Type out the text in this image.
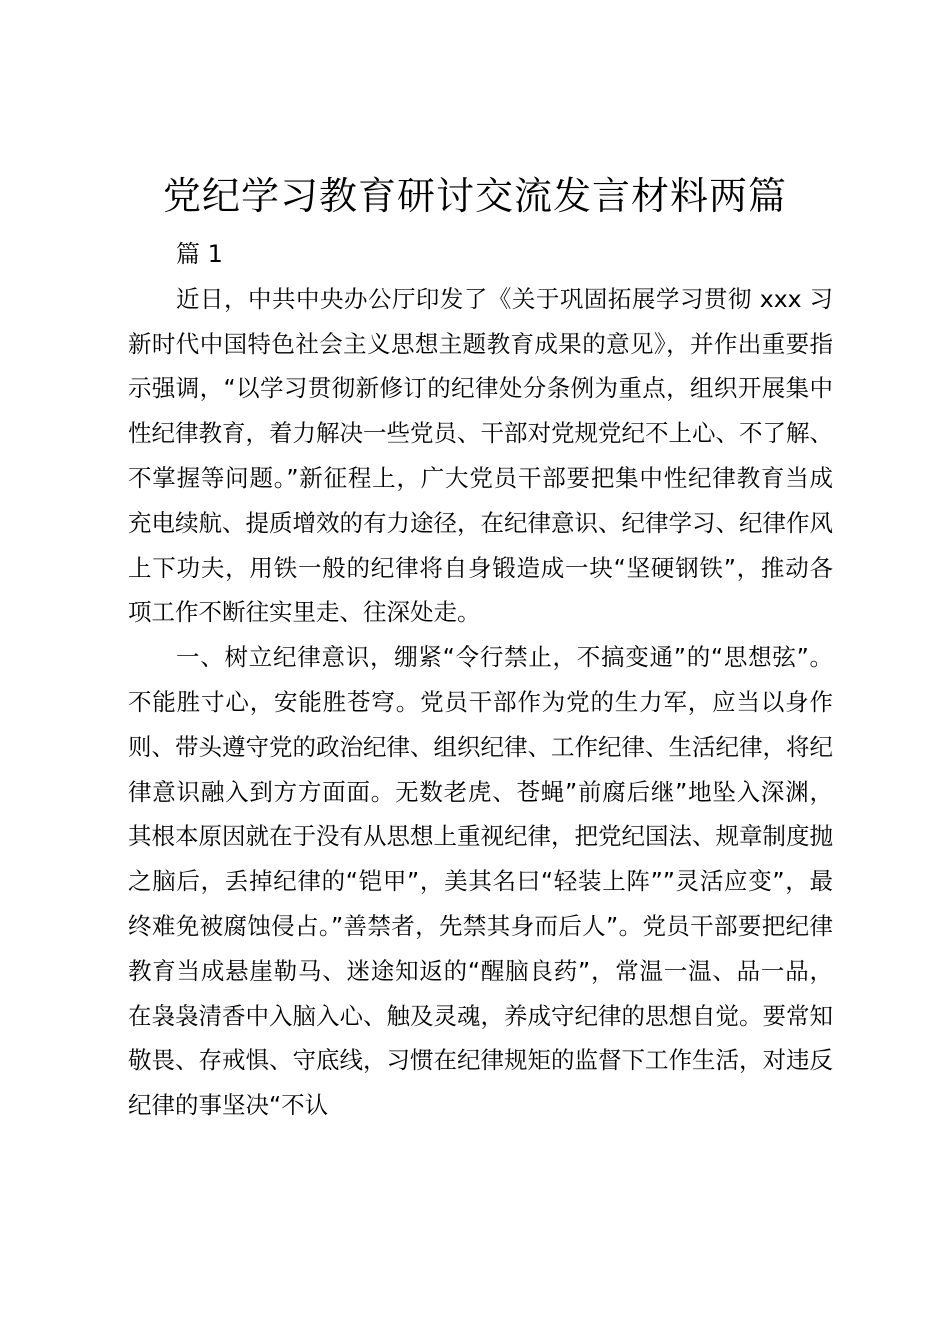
党纪学习教育研讨交流发言材料两篇

篇 1

近日，中共中央办公厅印发了《关于巩固拓展学习贯彻 xxx 习新时代中国特色社会主义思想主题教育成果的意见》，并作出重要指示强调，“以学习贯彻新修订的纪律处分条例为重点，组织开展集中性纪律教育，着力解决一些党员、干部对党规党纪不上心、不了解、不掌握等问题。”新征程上，广大党员干部要把集中性纪律教育当成充电续航、提质增效的有力途径，在纪律意识、纪律学习、纪律作风上下功夫，用铁一般的纪律将自身锻造成一块“坚硬钢铁”，推动各项工作不断往实里走、往深处走。

一、树立纪律意识，绷紧“令行禁止，不搞变通”的“思想弦”。不能胜寸心，安能胜苍穹。党员干部作为党的生力军，应当以身作则、带头遵守党的政治纪律、组织纪律、工作纪律、生活纪律，将纪律意识融入到方方面面。无数老虎、苍蝇”前腐后继”地坠入深渊，其根本原因就在于没有从思想上重视纪律，把党纪国法、规章制度抛之脑后，丢掉纪律的“铠甲”，美其名曰“轻装上阵””灵活应变”，最终难免被腐蚀侵占。”善禁者，先禁其身而后人”。党员干部要把纪律教育当成悬崖勒马、迷途知返的“醒脑良药”，常温一温、品一品，在袅袅清香中入脑入心、触及灵魂，养成守纪律的思想自觉。要常知敬畏、存戒惧、守底线，习惯在纪律规矩的监督下工作生活，对违反纪律的事坚决“不认
